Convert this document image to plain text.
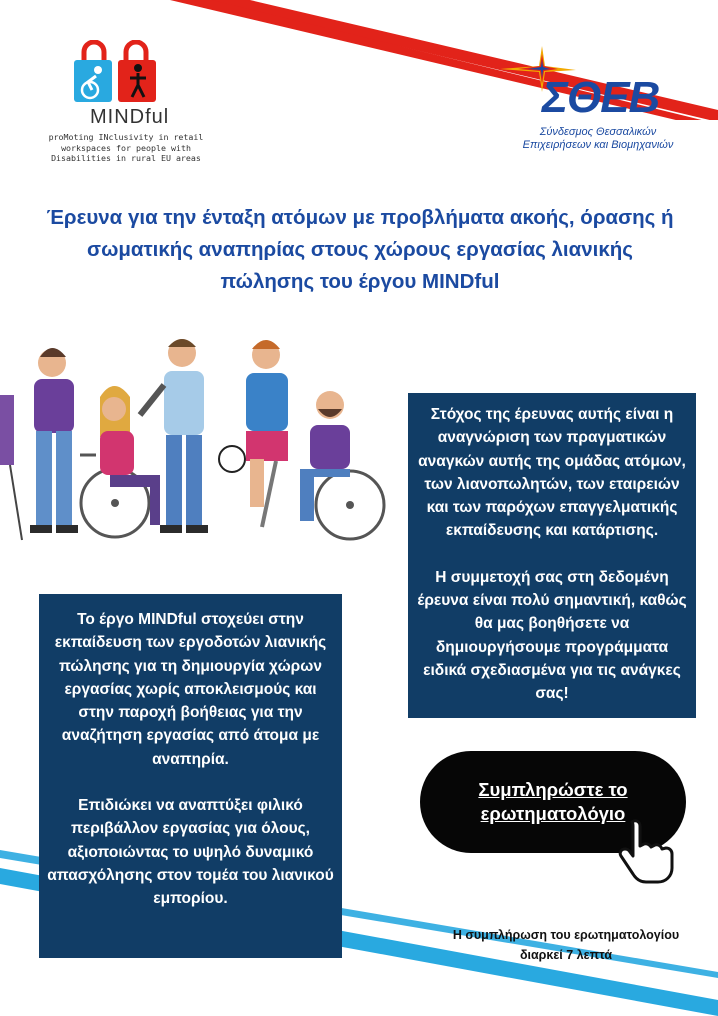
MINDful
proMoting INclusivity in retail workspaces for people with Disabilities in rural EU areas
ΣΘΕΒ
Σύνδεσμος Θεσσαλικών
Επιχειρήσεων και Βιομηχανιών
Έρευνα για την ένταξη ατόμων με προβλήματα ακοής, όρασης ή σωματικής αναπηρίας στους χώρους εργασίας λιανικής πώλησης του έργου MINDful

Στόχος της έρευνας αυτής είναι η αναγνώριση των πραγματικών αναγκών αυτής της ομάδας ατόμων, των λιανοπωλητών, των εταιρειών και των παρόχων επαγγελματικής εκπαίδευσης και κατάρτισης.

Η συμμετοχή σας στη δεδομένη έρευνα είναι πολύ σημαντική, καθώς θα μας βοηθήσετε να δημιουργήσουμε προγράμματα ειδικά σχεδιασμένα για τις ανάγκες σας!

Το έργο MINDful στοχεύει στην εκπαίδευση των εργοδοτών λιανικής πώλησης για τη δημιουργία χώρων εργασίας χωρίς αποκλεισμούς και στην παροχή βοήθειας για την αναζήτηση εργασίας από άτομα με αναπηρία.

Επιδιώκει να αναπτύξει φιλικό περιβάλλον εργασίας για όλους, αξιοποιώντας το υψηλό δυναμικό απασχόλησης στον τομέα του λιανικού εμπορίου.

Συμπληρώστε το ερωτηματολόγιο
Η συμπλήρωση του ερωτηματολογίου
διαρκεί 7 λεπτά
